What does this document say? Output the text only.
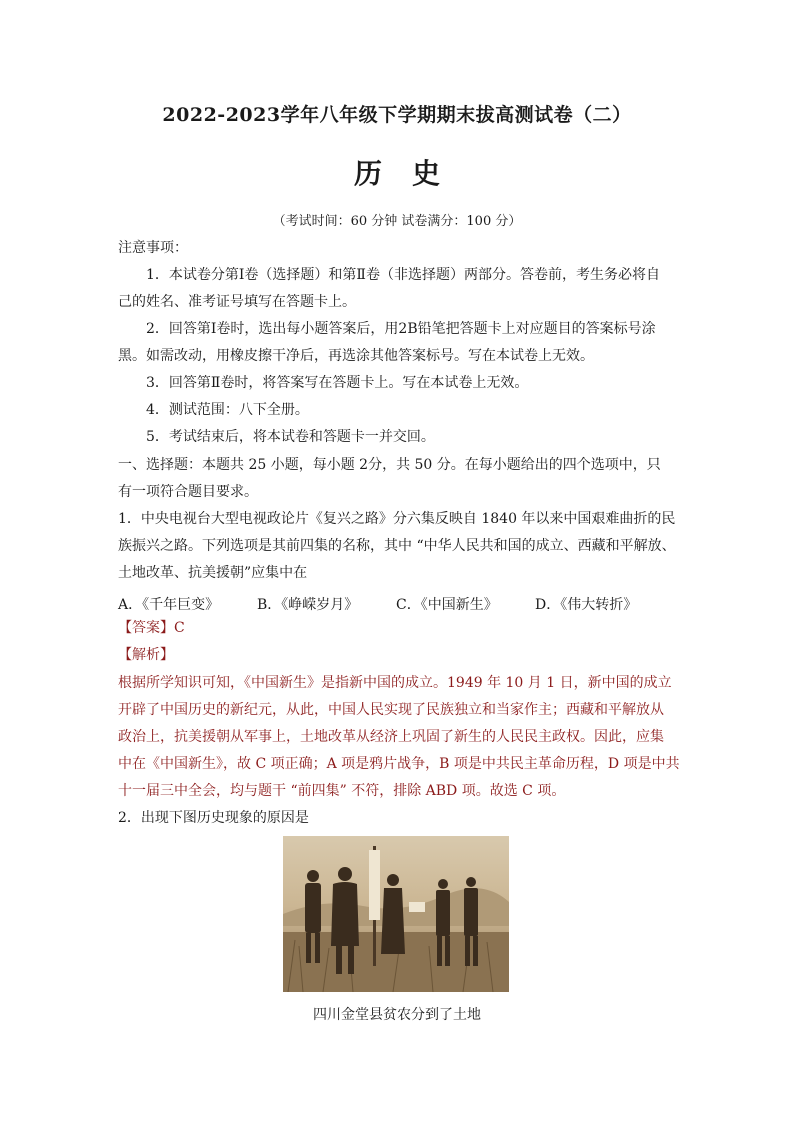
2022-2023学年八年级下学期期末拔高测试卷（二）
历史
（考试时间：60 分钟 试卷满分：100 分）
注意事项：
1．本试卷分第Ⅰ卷（选择题）和第Ⅱ卷（非选择题）两部分。答卷前，考生务必将自
己的姓名、准考证号填写在答题卡上。
2．回答第Ⅰ卷时，选出每小题答案后，用2B铅笔把答题卡上对应题目的答案标号涂
黑。如需改动，用橡皮擦干净后，再选涂其他答案标号。写在本试卷上无效。
3．回答第Ⅱ卷时，将答案写在答题卡上。写在本试卷上无效。
4．测试范围：八下全册。
5．考试结束后，将本试卷和答题卡一并交回。
一、选择题：本题共 25 小题，每小题 2分，共 50 分。在每小题给出的四个选项中，只
有一项符合题目要求。
1．中央电视台大型电视政论片《复兴之路》分六集反映自 1840 年以来中国艰难曲折的民
族振兴之路。下列选项是其前四集的名称，其中 “中华人民共和国的成立、西藏和平解放、
土地改革、抗美援朝”应集中在
A．《千年巨变》	B．《峥嵘岁月》	C．《中国新生》	D．《伟大转折》
【答案】C
【解析】
根据所学知识可知，《中国新生》是指新中国的成立。1949 年 10 月 1 日，新中国的成立
开辟了中国历史的新纪元，从此，中国人民实现了民族独立和当家作主；西藏和平解放从
政治上，抗美援朝从军事上，土地改革从经济上巩固了新生的人民民主政权。因此，应集
中在《中国新生》，故 C 项正确；A 项是鸦片战争，B 项是中共民主革命历程，D 项是中共
十一届三中全会，均与题干 “前四集” 不符，排除 ABD 项。故选 C 项。
2．出现下图历史现象的原因是
四川金堂县贫农分到了土地
